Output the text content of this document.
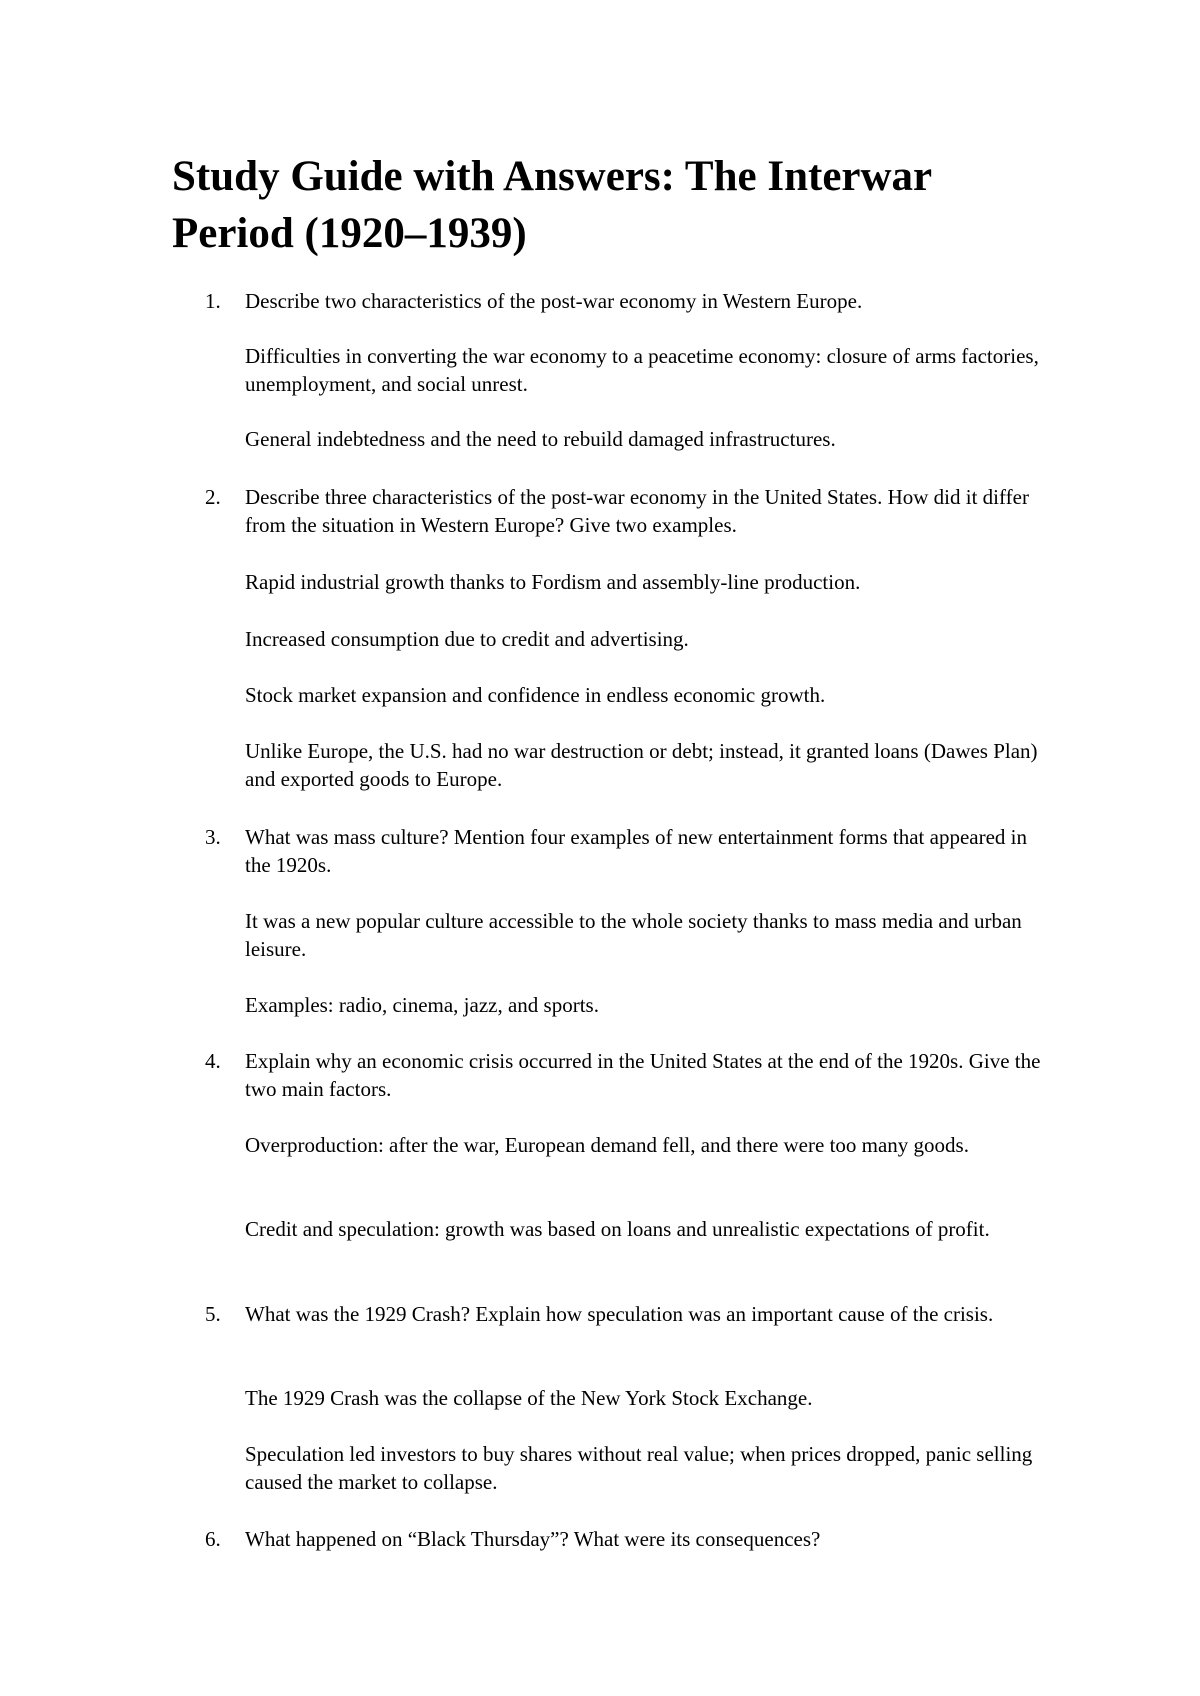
Study Guide with Answers: The Interwar Period (1920–1939)

1. Describe two characteristics of the post-war economy in Western Europe.

Difficulties in converting the war economy to a peacetime economy: closure of arms factories, unemployment, and social unrest.

General indebtedness and the need to rebuild damaged infrastructures.

2. Describe three characteristics of the post-war economy in the United States. How did it differ from the situation in Western Europe? Give two examples.

Rapid industrial growth thanks to Fordism and assembly-line production.

Increased consumption due to credit and advertising.

Stock market expansion and confidence in endless economic growth.

Unlike Europe, the U.S. had no war destruction or debt; instead, it granted loans (Dawes Plan) and exported goods to Europe.

3. What was mass culture? Mention four examples of new entertainment forms that appeared in the 1920s.

It was a new popular culture accessible to the whole society thanks to mass media and urban leisure.

Examples: radio, cinema, jazz, and sports.

4. Explain why an economic crisis occurred in the United States at the end of the 1920s. Give the two main factors.

Overproduction: after the war, European demand fell, and there were too many goods.

Credit and speculation: growth was based on loans and unrealistic expectations of profit.

5. What was the 1929 Crash? Explain how speculation was an important cause of the crisis.

The 1929 Crash was the collapse of the New York Stock Exchange.

Speculation led investors to buy shares without real value; when prices dropped, panic selling caused the market to collapse.

6. What happened on “Black Thursday”? What were its consequences?
